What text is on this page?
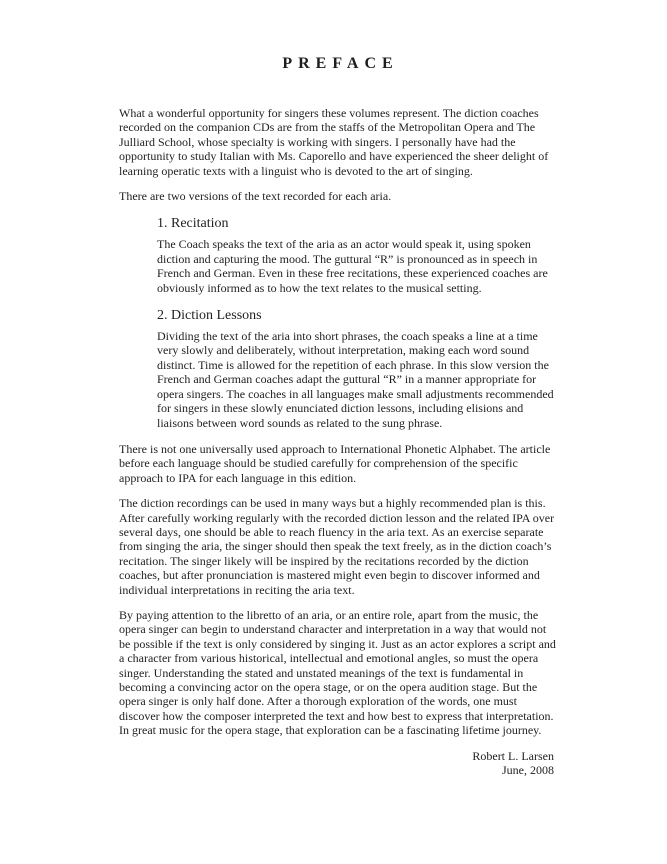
PREFACE

What a wonderful opportunity for singers these volumes represent. The diction coaches recorded on the companion CDs are from the staffs of the Metropolitan Opera and The Julliard School, whose specialty is working with singers. I personally have had the opportunity to study Italian with Ms. Caporello and have experienced the sheer delight of learning operatic texts with a linguist who is devoted to the art of singing.

There are two versions of the text recorded for each aria.

1. Recitation

The Coach speaks the text of the aria as an actor would speak it, using spoken diction and capturing the mood. The guttural “R” is pronounced as in speech in French and German. Even in these free recitations, these experienced coaches are obviously informed as to how the text relates to the musical setting.

2. Diction Lessons

Dividing the text of the aria into short phrases, the coach speaks a line at a time very slowly and deliberately, without interpretation, making each word sound distinct. Time is allowed for the repetition of each phrase. In this slow version the French and German coaches adapt the guttural “R” in a manner appropriate for opera singers. The coaches in all languages make small adjustments recommended for singers in these slowly enunciated diction lessons, including elisions and liaisons between word sounds as related to the sung phrase.

There is not one universally used approach to International Phonetic Alphabet. The article before each language should be studied carefully for comprehension of the specific approach to IPA for each language in this edition.

The diction recordings can be used in many ways but a highly recommended plan is this. After carefully working regularly with the recorded diction lesson and the related IPA over several days, one should be able to reach fluency in the aria text. As an exercise separate from singing the aria, the singer should then speak the text freely, as in the diction coach’s recitation. The singer likely will be inspired by the recitations recorded by the diction coaches, but after pronunciation is mastered might even begin to discover informed and individual interpretations in reciting the aria text.

By paying attention to the libretto of an aria, or an entire role, apart from the music, the opera singer can begin to understand character and interpretation in a way that would not be possible if the text is only considered by singing it. Just as an actor explores a script and a character from various historical, intellectual and emotional angles, so must the opera singer. Understanding the stated and unstated meanings of the text is fundamental in becoming a convincing actor on the opera stage, or on the opera audition stage. But the opera singer is only half done. After a thorough exploration of the words, one must discover how the composer interpreted the text and how best to express that interpretation. In great music for the opera stage, that exploration can be a fascinating lifetime journey.

Robert L. Larsen
June, 2008
